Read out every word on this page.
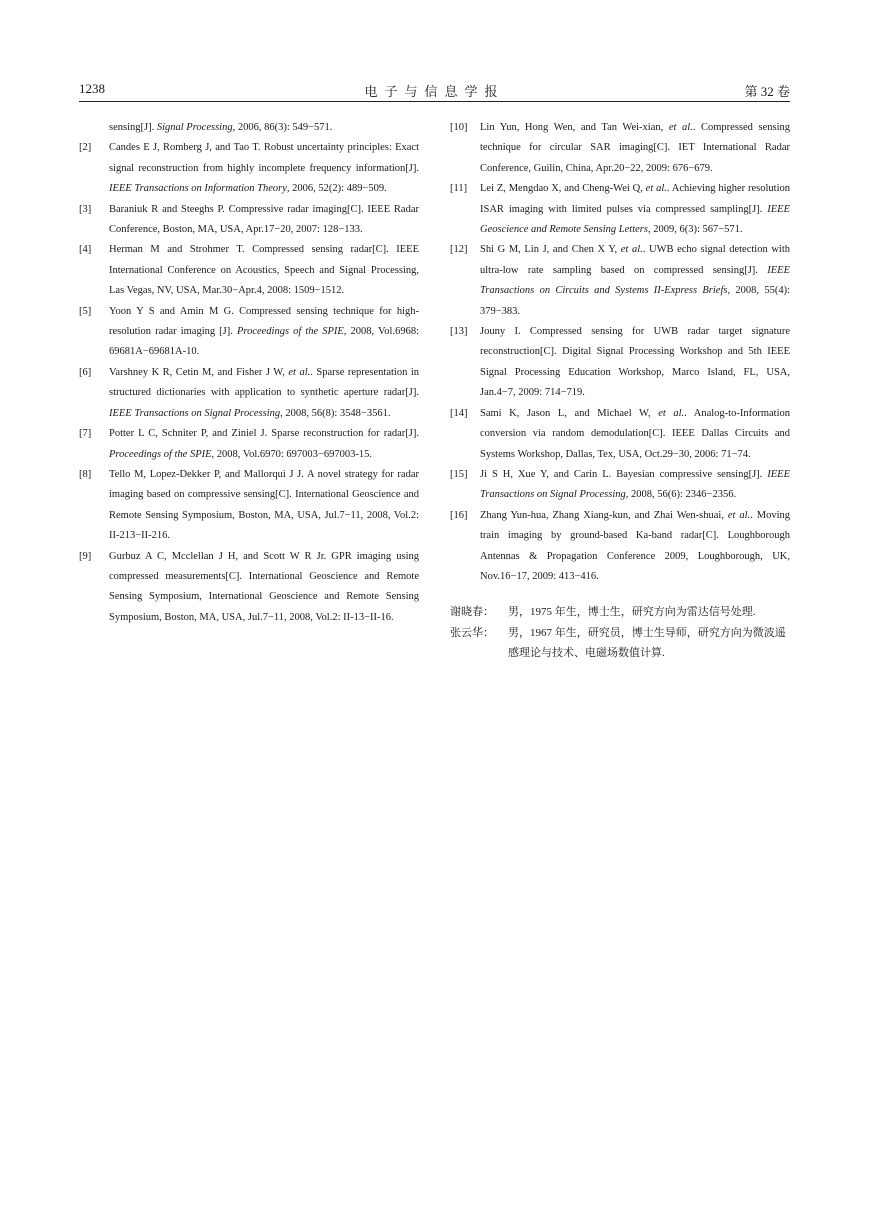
1238	电子与信息学报	第 32 卷
sensing[J]. Signal Processing, 2006, 86(3): 549−571.
[2] Candes E J, Romberg J, and Tao T. Robust uncertainty principles: Exact signal reconstruction from highly incomplete frequency information[J]. IEEE Transactions on Information Theory, 2006, 52(2): 489−509.
[3] Baraniuk R and Steeghs P. Compressive radar imaging[C]. IEEE Radar Conference, Boston, MA, USA, Apr.17−20, 2007: 128−133.
[4] Herman M and Strohmer T. Compressed sensing radar[C]. IEEE International Conference on Acoustics, Speech and Signal Processing, Las Vegas, NV, USA, Mar.30−Apr.4, 2008: 1509−1512.
[5] Yoon Y S and Amin M G. Compressed sensing technique for high-resolution radar imaging [J]. Proceedings of the SPIE, 2008, Vol.6968: 69681A−69681A-10.
[6] Varshney K R, Cetin M, and Fisher J W, et al.. Sparse representation in structured dictionaries with application to synthetic aperture radar[J]. IEEE Transactions on Signal Processing, 2008, 56(8): 3548−3561.
[7] Potter L C, Schniter P, and Ziniel J. Sparse reconstruction for radar[J]. Proceedings of the SPIE, 2008, Vol.6970: 697003−697003-15.
[8] Tello M, Lopez-Dekker P, and Mallorqui J J. A novel strategy for radar imaging based on compressive sensing[C]. International Geoscience and Remote Sensing Symposium, Boston, MA, USA, Jul.7−11, 2008, Vol.2: II-213−II-216.
[9] Gurbuz A C, Mcclellan J H, and Scott W R Jr. GPR imaging using compressed measurements[C]. International Geoscience and Remote Sensing Symposium, International Geoscience and Remote Sensing Symposium, Boston, MA, USA, Jul.7−11, 2008, Vol.2: II-13−II-16.
[10] Lin Yun, Hong Wen, and Tan Wei-xian, et al.. Compressed sensing technique for circular SAR imaging[C]. IET International Radar Conference, Guilin, China, Apr.20−22, 2009: 676−679.
[11] Lei Z, Mengdao X, and Cheng-Wei Q, et al.. Achieving higher resolution ISAR imaging with limited pulses via compressed sampling[J]. IEEE Geoscience and Remote Sensing Letters, 2009, 6(3): 567−571.
[12] Shi G M, Lin J, and Chen X Y, et al.. UWB echo signal detection with ultra-low rate sampling based on compressed sensing[J]. IEEE Transactions on Circuits and Systems II-Express Briefs, 2008, 55(4): 379−383.
[13] Jouny I. Compressed sensing for UWB radar target signature reconstruction[C]. Digital Signal Processing Workshop and 5th IEEE Signal Processing Education Workshop, Marco Island, FL, USA, Jan.4−7, 2009: 714−719.
[14] Sami K, Jason L, and Michael W, et al.. Analog-to-Information conversion via random demodulation[C]. IEEE Dallas Circuits and Systems Workshop, Dallas, Tex, USA, Oct.29−30, 2006: 71−74.
[15] Ji S H, Xue Y, and Carin L. Bayesian compressive sensing[J]. IEEE Transactions on Signal Processing, 2008, 56(6): 2346−2356.
[16] Zhang Yun-hua, Zhang Xiang-kun, and Zhai Wen-shuai, et al.. Moving train imaging by ground-based Ka-band radar[C]. Loughborough Antennas & Propagation Conference 2009, Loughborough, UK, Nov.16−17, 2009: 413−416.
谢晓春： 男，1975 年生，博士生，研究方向为雷达信号处理.
张云华： 男，1967 年生，研究员，博士生导师，研究方向为微波遥感理论与技术、电磁场数值计算.
